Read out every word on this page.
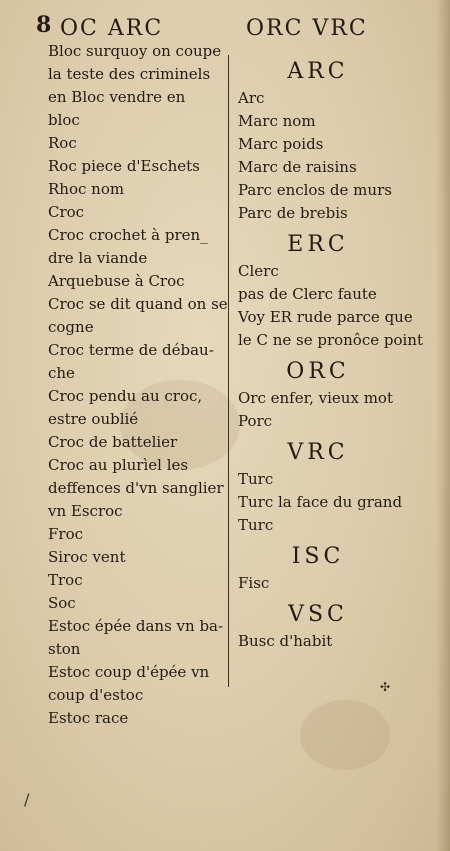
8 OC ARC	ORC VRC
Bloc surquoy on coupe
la teste des criminels
en Bloc vendre en
bloc
Roc
Roc piece d'Eschets
Rhoc nom
Croc
Croc crochet à pren_
dre la viande
Arquebuse à Croc
Croc se dit quand on se
cogne
Croc terme de débau-
che
Croc pendu au croc,
estre oublié
Croc de battelier
Croc au plurìel les
deffences d'vn sanglier
vn Escroc
Froc
Siroc vent
Troc
Soc
Estoc épée dans vn ba-
ston
Estoc coup d'épée vn
coup d'estoc
Estoc race
ARC
Arc
Marc nom
Marc poids
Marc de raisins
Parc enclos de murs
Parc de brebis
ERC
Clerc
pas de Clerc faute
Voy ER rude parce que
le C ne se pronôce point
ORC
Orc enfer, vieux mot
Porc
VRC
Turc
Turc la face du grand
Turc
ISC
Fisc
VSC
Busc d'habit
✣
/
